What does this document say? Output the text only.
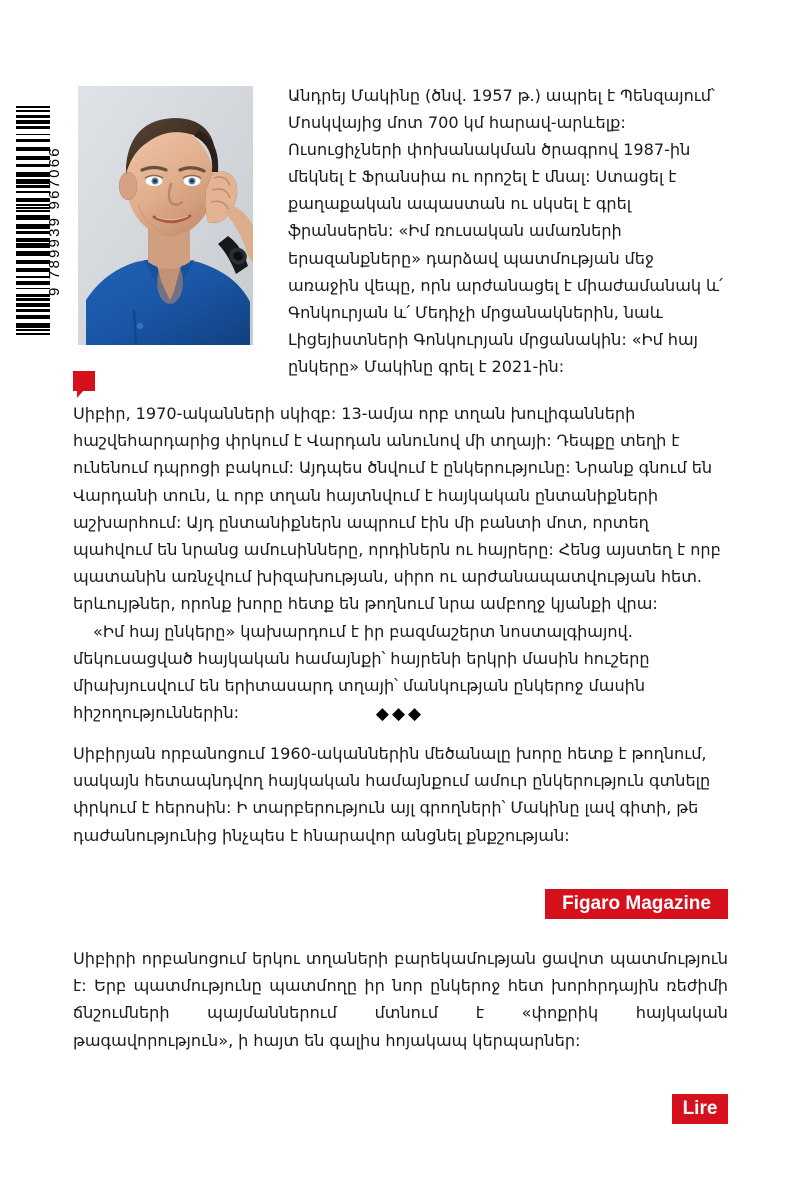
9 789939 967066
Անդրեյ Մակինը (ծնվ. 1957 թ.) ապրել է Պենզայում՝ Մոսկվայից մոտ 700 կմ հարավ-արևելք: Ուսուցիչների փոխանակման ծրագրով 1987-ին մեկնել է Ֆրանսիա ու որոշել է մնալ: Ստացել է քաղաքական ապաստան ու սկսել է գրել ֆրանսերեն: «Իմ ռուսական ամառների երազանքները» դարձավ պատմության մեջ առաջին վեպը, որն արժանացել է միաժամանակ և՛ Գոնկուրյան և՛ Մեդիչի մրցանակներին, նաև Լիցեյիստների Գոնկուրյան մրցանակին: «Իմ հայ ընկերը» Մակինը գրել է 2021-ին:

Սիբիր, 1970-ականների սկիզբ: 13-ամյա որբ տղան խուլիգանների հաշվեհարդարից փրկում է Վարդան անունով մի տղայի: Դեպքը տեղի է ունենում դպրոցի բակում: Այդպես ծնվում է ընկերությունը: Նրանք գնում են Վարդանի տուն, և որբ տղան հայտնվում է հայկական ընտանիքների աշխարհում: Այդ ընտանիքներն ապրում էին մի բանտի մոտ, որտեղ պահվում են նրանց ամուսինները, որդիներն ու հայրերը: Հենց այստեղ է որբ պատանին առնչվում խիզախության, սիրո ու արժանապատվության հետ. երևույթներ, որոնք խորը հետք են թողնում նրա ամբողջ կյանքի վրա:

«Իմ հայ ընկերը» կախարդում է իր բազմաշերտ նոստալգիայով. մեկուսացված հայկական համայնքի՝ հայրենի երկրի մասին հուշերը միախյուսվում են երիտասարդ տղայի՝ մանկության ընկերոջ մասին հիշողություններին:	◆◆◆

Սիբիրյան որբանոցում 1960-ականներին մեծանալը խորը հետք է թողնում, սակայն հետապնդվող հայկական համայնքում ամուր ընկերություն գտնելը փրկում է հերոսին: Ի տարբերություն այլ գրողների՝ Մակինը լավ գիտի, թե դաժանությունից ինչպես է հնարավոր անցնել քնքշության:

Figaro Magazine

Սիբիրի որբանոցում երկու տղաների բարեկամության ցավոտ պատմություն է: Երբ պատմությունը պատմողը իր նոր ընկերոջ հետ խորհրդային ռեժիմի ճնշումների պայմաններում մտնում է «փոքրիկ հայկական թագավորություն», ի հայտ են գալիս հոյակապ կերպարներ:

Lire
